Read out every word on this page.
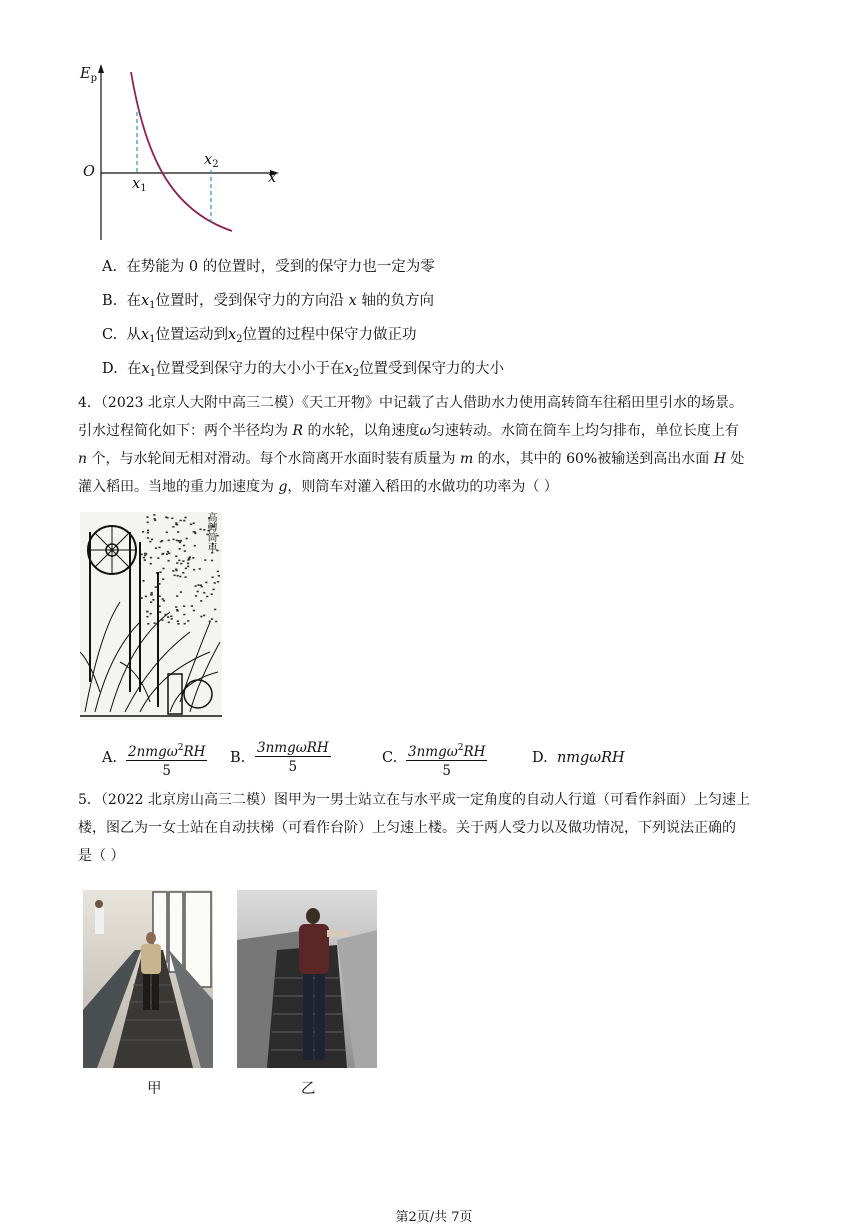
$E_p$
O	x
$x_1$
$x_2$
A. 在势能为 0 的位置时，受到的保守力也一定为零
B. 在$x_1$位置时，受到保守力的方向沿 x 轴的负方向
C. 从$x_1$位置运动到$x_2$位置的过程中保守力做正功
D. 在$x_1$位置受到保守力的大小小于在$x_2$位置受到保守力的大小
4．（2023 北京人大附中高三二模）《天工开物》中记载了古人借助水力使用高转筒车往稻田里引水的场景。
引水过程简化如下：两个半径均为 R 的水轮，以角速度ω匀速转动。水筒在筒车上均匀排布，单位长度上有
n 个，与水轮间无相对滑动。每个水筒离开水面时装有质量为 m 的水，其中的 60%被输送到高出水面 H 处
灌入稻田。当地的重力加速度为 g，则筒车对灌入稻田的水做功的功率为（ ）
高轉筒車
A. 2nmgω$^2$RH
5
B.
3nmgωRH
5
C. 3nmgω$^2$RH
5
D. nmgωRH
5．（2022 北京房山高三二模）图甲为一男士站立在与水平成一定角度的自动人行道（可看作斜面）上匀速上
楼，图乙为一女士站在自动扶梯（可看作台阶）上匀速上楼。关于两人受力以及做功情况，下列说法正确的
是（ ）
甲	乙
第2页/共 7页
